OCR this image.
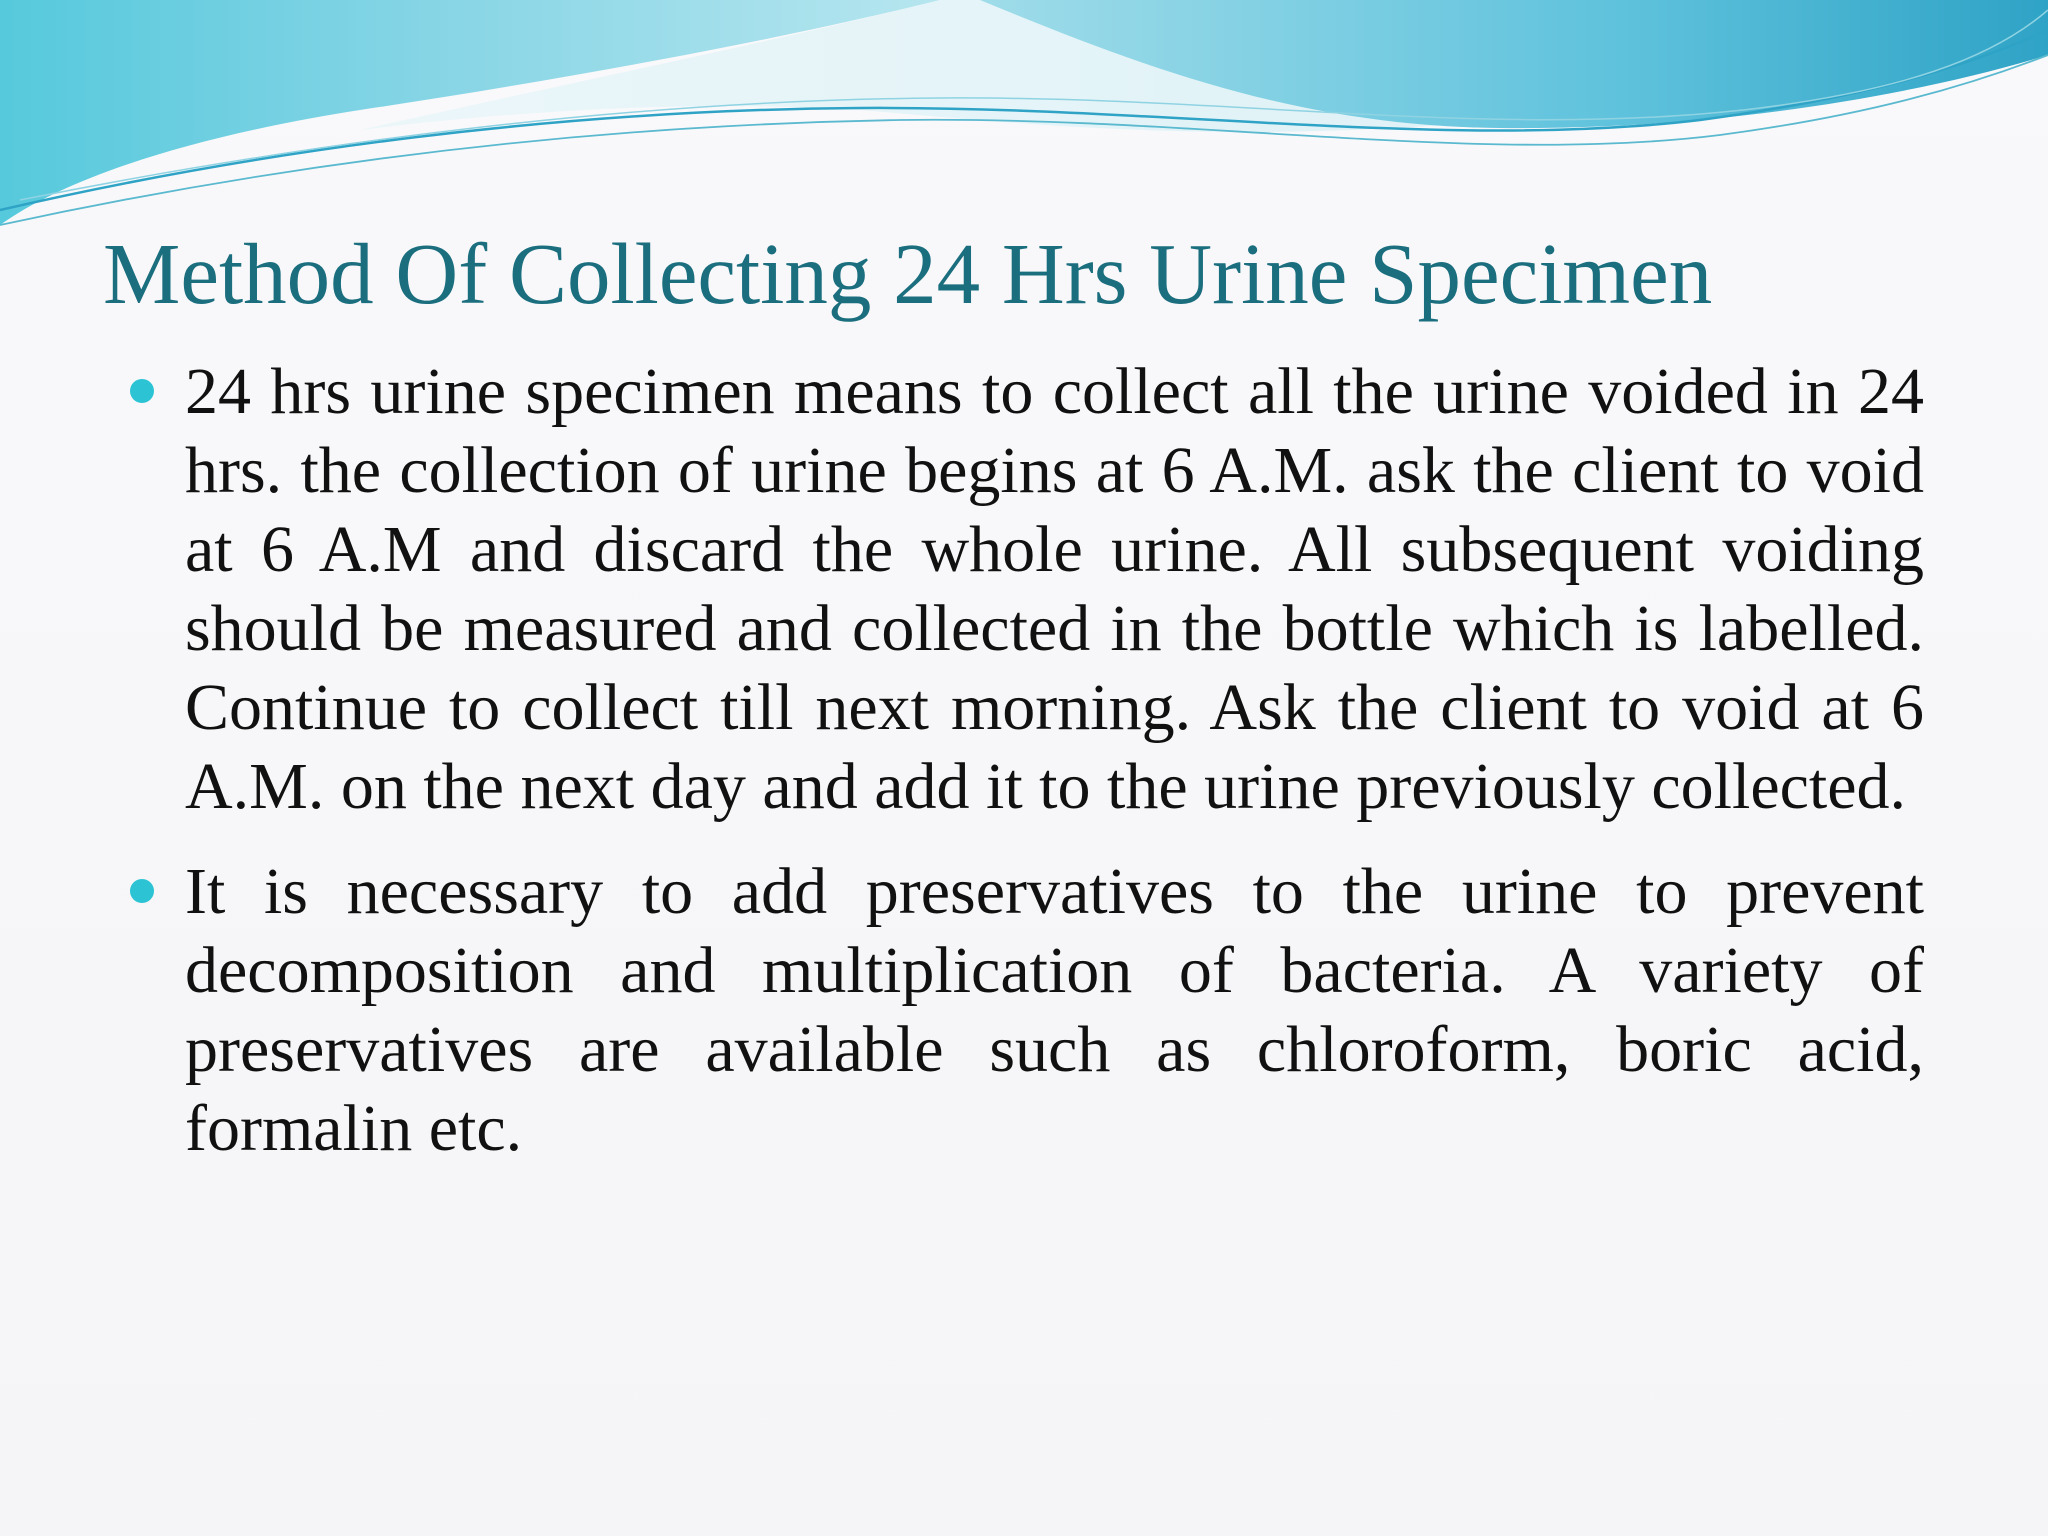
Method Of Collecting 24 Hrs Urine Specimen
24 hrs urine specimen means to collect all the urine voided in 24 hrs. the collection of urine begins at 6 A.M. ask the client to void at 6 A.M and discard the whole urine. All subsequent voiding should be measured and collected in the bottle which is labelled. Continue to collect till next morning. Ask the client to void at 6 A.M. on the next day and add it to the urine previously collected.
It is necessary to add preservatives to the urine to prevent decomposition and multiplication of bacteria. A variety of preservatives are available such as chloroform, boric acid, formalin etc.
